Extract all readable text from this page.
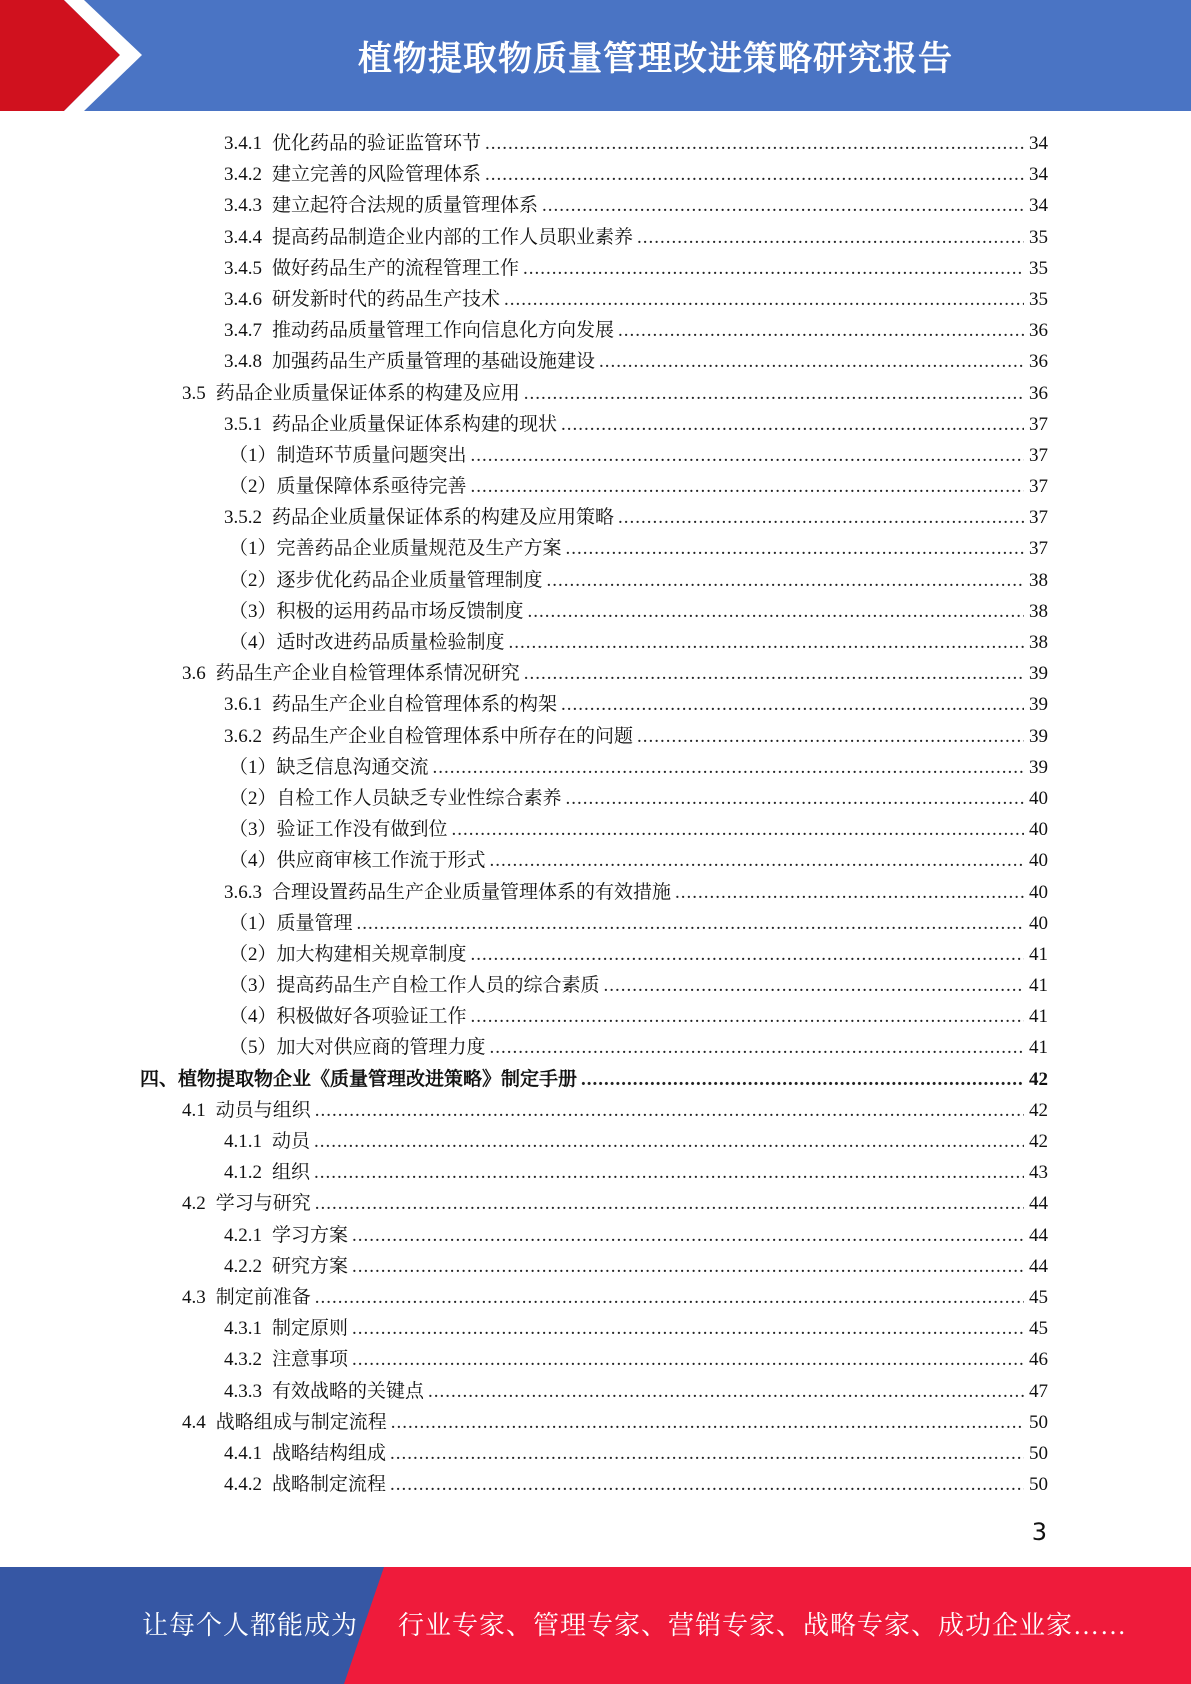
植物提取物质量管理改进策略研究报告
3.4.1 优化药品的验证监管环节 .....	34
3.4.2 建立完善的风险管理体系 .....	34
3.4.3 建立起符合法规的质量管理体系 .....	34
3.4.4 提高药品制造企业内部的工作人员职业素养 .....	35
3.4.5 做好药品生产的流程管理工作 .....	35
3.4.6 研发新时代的药品生产技术 .....	35
3.4.7 推动药品质量管理工作向信息化方向发展 .....	36
3.4.8 加强药品生产质量管理的基础设施建设 .....	36
3.5 药品企业质量保证体系的构建及应用 .....	36
3.5.1 药品企业质量保证体系构建的现状 .....	37
（1）制造环节质量问题突出 .....	37
（2）质量保障体系亟待完善 .....	37
3.5.2 药品企业质量保证体系的构建及应用策略 .....	37
（1）完善药品企业质量规范及生产方案 .....	37
（2）逐步优化药品企业质量管理制度 .....	38
（3）积极的运用药品市场反馈制度 .....	38
（4）适时改进药品质量检验制度 .....	38
3.6 药品生产企业自检管理体系情况研究 .....	39
3.6.1 药品生产企业自检管理体系的构架 .....	39
3.6.2 药品生产企业自检管理体系中所存在的问题 .....	39
（1）缺乏信息沟通交流 .....	39
（2）自检工作人员缺乏专业性综合素养 .....	40
（3）验证工作没有做到位 .....	40
（4）供应商审核工作流于形式 .....	40
3.6.3 合理设置药品生产企业质量管理体系的有效措施 .....	40
（1）质量管理 .....	40
（2）加大构建相关规章制度 .....	41
（3）提高药品生产自检工作人员的综合素质 .....	41
（4）积极做好各项验证工作 .....	41
（5）加大对供应商的管理力度 .....	41
四、植物提取物企业《质量管理改进策略》制定手册 .....	42
4.1 动员与组织 .....	42
4.1.1 动员 .....	42
4.1.2 组织 .....	43
4.2 学习与研究 .....	44
4.2.1 学习方案 .....	44
4.2.2 研究方案 .....	44
4.3 制定前准备 .....	45
4.3.1 制定原则 .....	45
4.3.2 注意事项 .....	46
4.3.3 有效战略的关键点 .....	47
4.4 战略组成与制定流程 .....	50
4.4.1 战略结构组成 .....	50
4.4.2 战略制定流程 .....	50
3
让每个人都能成为 行业专家、管理专家、营销专家、战略专家、成功企业家……
